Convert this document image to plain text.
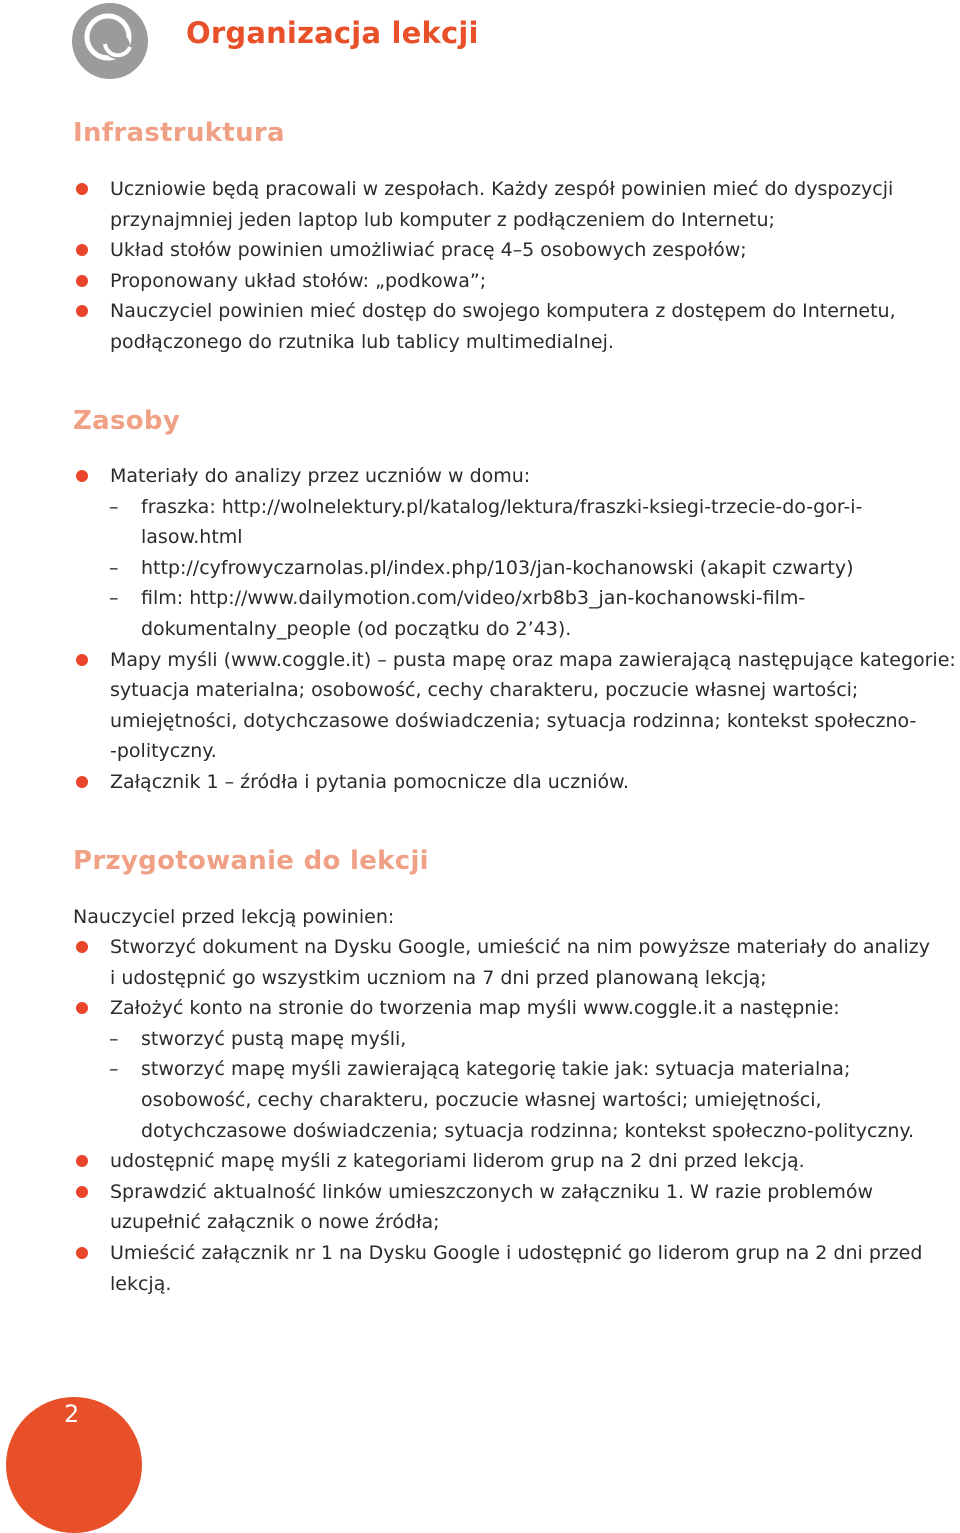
Organizacja lekcji
Infrastruktura
Uczniowie będą pracowali w zespołach. Każdy zespół powinien mieć do dyspozycji
przynajmniej jeden laptop lub komputer z podłączeniem do Internetu;
Układ stołów powinien umożliwiać pracę 4–5 osobowych zespołów;
Proponowany układ stołów: „podkowa”;
Nauczyciel powinien mieć dostęp do swojego komputera z dostępem do Internetu,
podłączonego do rzutnika lub tablicy multimedialnej.
Zasoby
Materiały do analizy przez uczniów w domu:
– fraszka: http://wolnelektury.pl/katalog/lektura/fraszki-ksiegi-trzecie-do-gor-i-
lasow.html
– http://cyfrowyczarnolas.pl/index.php/103/jan-kochanowski (akapit czwarty)
– film: http://www.dailymotion.com/video/xrb8b3_jan-kochanowski-film-
dokumentalny_people (od początku do 2’43).
Mapy myśli (www.coggle.it) – pusta mapę oraz mapa zawierającą następujące kategorie:
sytuacja materialna; osobowość, cechy charakteru, poczucie własnej wartości;
umiejętności, dotychczasowe doświadczenia; sytuacja rodzinna; kontekst społeczno-
-polityczny.
Załącznik 1 – źródła i pytania pomocnicze dla uczniów.
Przygotowanie do lekcji

Nauczyciel przed lekcją powinien:

Stworzyć dokument na Dysku Google, umieścić na nim powyższe materiały do analizy
i udostępnić go wszystkim uczniom na 7 dni przed planowaną lekcją;
Założyć konto na stronie do tworzenia map myśli www.coggle.it a następnie:
– stworzyć pustą mapę myśli,
– stworzyć mapę myśli zawierającą kategorię takie jak: sytuacja materialna;
osobowość, cechy charakteru, poczucie własnej wartości; umiejętności,
dotychczasowe doświadczenia; sytuacja rodzinna; kontekst społeczno-polityczny.
udostępnić mapę myśli z kategoriami liderom grup na 2 dni przed lekcją.
Sprawdzić aktualność linków umieszczonych w załączniku 1. W razie problemów
uzupełnić załącznik o nowe źródła;
Umieścić załącznik nr 1 na Dysku Google i udostępnić go liderom grup na 2 dni przed
lekcją.
2
